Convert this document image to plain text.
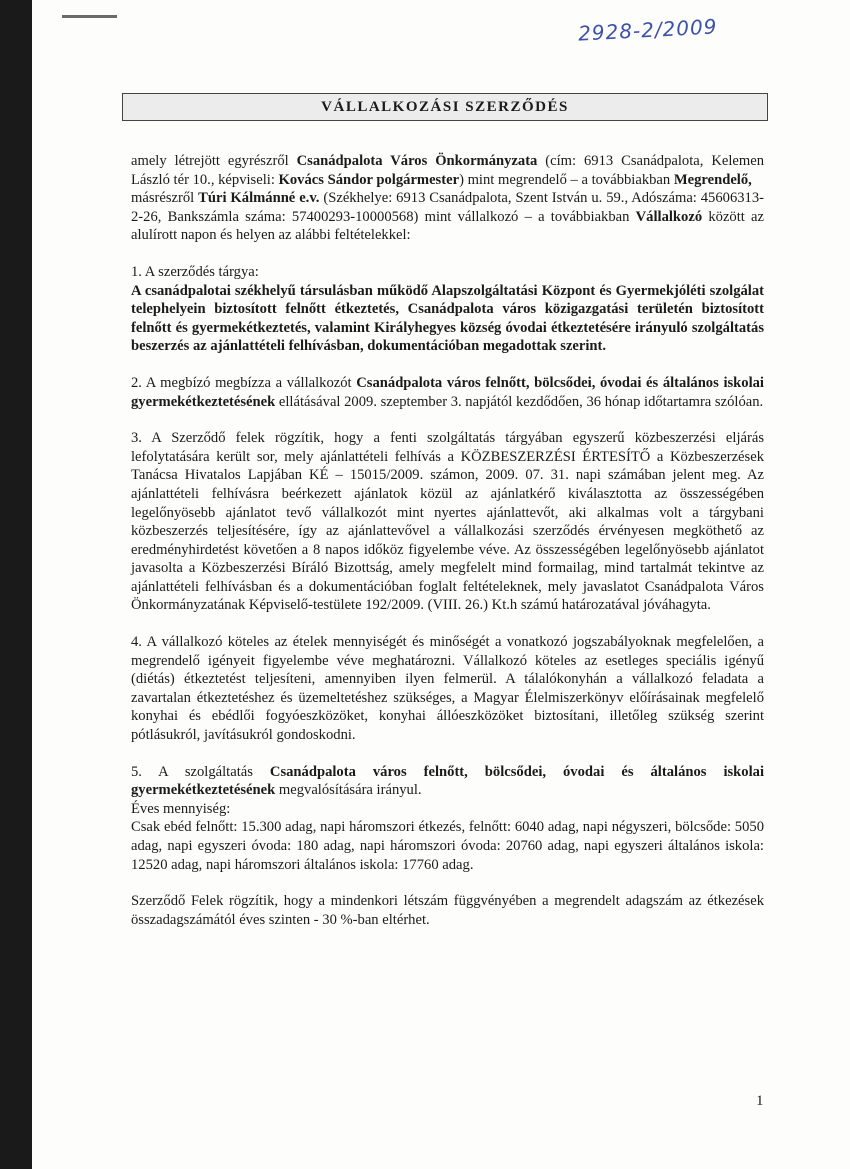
2928-2/2009
VÁLLALKOZÁSI SZERZŐDÉS

amely létrejött egyrészről Csanádpalota Város Önkormányzata (cím: 6913 Csanádpalota, Kelemen László tér 10., képviseli: Kovács Sándor polgármester) mint megrendelő – a továbbiakban Megrendelő,

másrészről Túri Kálmánné e.v. (Székhelye: 6913 Csanádpalota, Szent István u. 59., Adószáma: 45606313-2-26, Bankszámla száma: 57400293-10000568) mint vállalkozó – a továbbiakban Vállalkozó között az alulírott napon és helyen az alábbi feltételekkel:

1. A szerződés tárgya:

A csanádpalotai székhelyű társulásban működő Alapszolgáltatási Központ és Gyermekjóléti szolgálat telephelyein biztosított felnőtt étkeztetés, Csanádpalota város közigazgatási területén biztosított felnőtt és gyermekétkeztetés, valamint Királyhegyes község óvodai étkeztetésére irányuló szolgáltatás beszerzés az ajánlattételi felhívásban, dokumentációban megadottak szerint.

2. A megbízó megbízza a vállalkozót Csanádpalota város felnőtt, bölcsődei, óvodai és általános iskolai gyermekétkeztetésének ellátásával 2009. szeptember 3. napjától kezdődően, 36 hónap időtartamra szólóan.

3. A Szerződő felek rögzítik, hogy a fenti szolgáltatás tárgyában egyszerű közbeszerzési eljárás lefolytatására került sor, mely ajánlattételi felhívás a KÖZBESZERZÉSI ÉRTESÍTŐ a Közbeszerzések Tanácsa Hivatalos Lapjában KÉ – 15015/2009. számon, 2009. 07. 31. napi számában jelent meg. Az ajánlattételi felhívásra beérkezett ajánlatok közül az ajánlatkérő kiválasztotta az összességében legelőnyösebb ajánlatot tevő vállalkozót mint nyertes ajánlattevőt, aki alkalmas volt a tárgybani közbeszerzés teljesítésére, így az ajánlattevővel a vállalkozási szerződés érvényesen megköthető az eredményhirdetést követően a 8 napos időköz figyelembe véve. Az összességében legelőnyösebb ajánlatot javasolta a Közbeszerzési Bíráló Bizottság, amely megfelelt mind formailag, mind tartalmát tekintve az ajánlattételi felhívásban és a dokumentációban foglalt feltételeknek, mely javaslatot Csanádpalota Város Önkormányzatának Képviselő-testülete 192/2009. (VIII. 26.) Kt.h számú határozatával jóváhagyta.

4. A vállalkozó köteles az ételek mennyiségét és minőségét a vonatkozó jogszabályoknak megfelelően, a megrendelő igényeit figyelembe véve meghatározni. Vállalkozó köteles az esetleges speciális igényű (diétás) étkeztetést teljesíteni, amennyiben ilyen felmerül. A tálalókonyhán a vállalkozó feladata a zavartalan étkeztetéshez és üzemeltetéshez szükséges, a Magyar Élelmiszerkönyv előírásainak megfelelő konyhai és ebédlői fogyóeszközöket, konyhai állóeszközöket biztosítani, illetőleg szükség szerint pótlásukról, javításukról gondoskodni.

5. A szolgáltatás Csanádpalota város felnőtt, bölcsődei, óvodai és általános iskolai gyermekétkeztetésének megvalósítására irányul.

Éves mennyiség:

Csak ebéd felnőtt: 15.300 adag, napi háromszori étkezés, felnőtt: 6040 adag, napi négyszeri, bölcsőde: 5050 adag, napi egyszeri óvoda: 180 adag, napi háromszori óvoda: 20760 adag, napi egyszeri általános iskola: 12520 adag, napi háromszori általános iskola: 17760 adag.

Szerződő Felek rögzítik, hogy a mindenkori létszám függvényében a megrendelt adagszám az étkezések összadagszámától éves szinten - 30 %-ban eltérhet.

1
